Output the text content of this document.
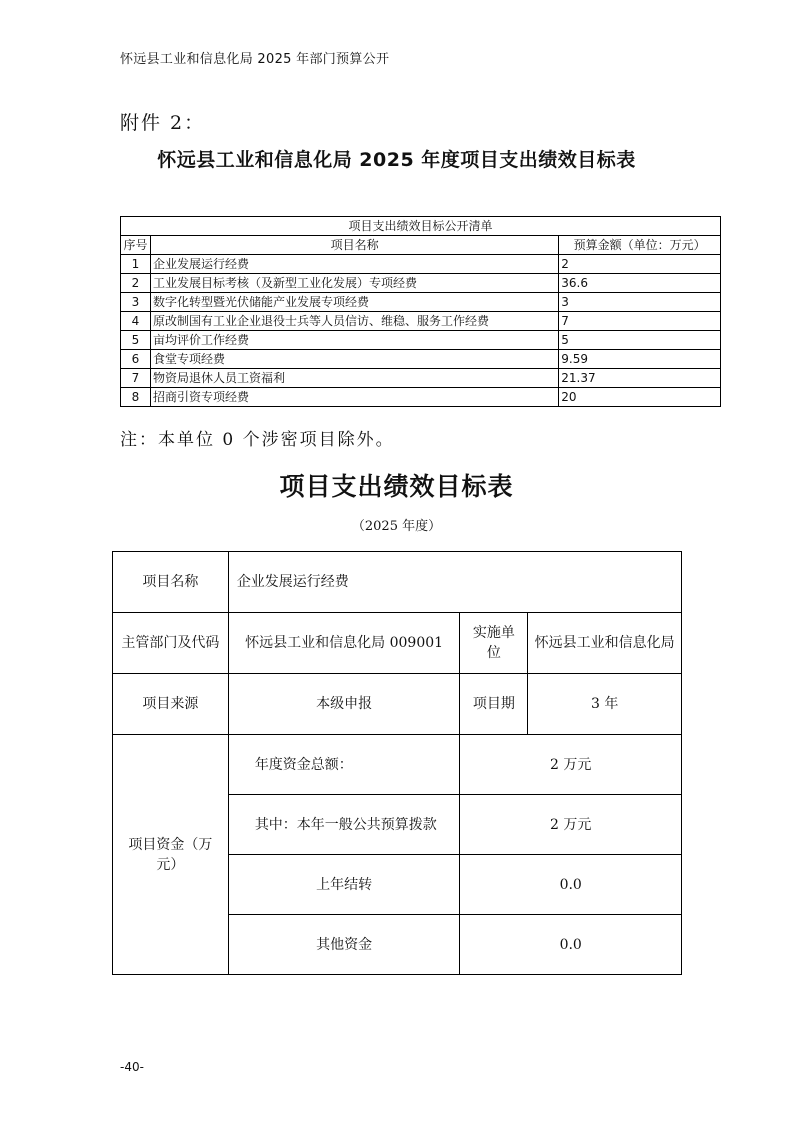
怀远县工业和信息化局 2025 年部门预算公开
附件 2：
怀远县工业和信息化局 2025 年度项目支出绩效目标表
项目支出绩效目标公开清单		
序号	项目名称	预算金额（单位：万元）
1	企业发展运行经费	2
2	工业发展目标考核（及新型工业化发展）专项经费	36.6
3	数字化转型暨光伏储能产业发展专项经费	3
4	原改制国有工业企业退役士兵等人员信访、维稳、服务工作经费	7
5	亩均评价工作经费	5
6	食堂专项经费	9.59
7	物资局退休人员工资福利	21.37
8	招商引资专项经费	20
注：本单位 0 个涉密项目除外。
项目支出绩效目标表
（2025 年度）
项目名称	企业发展运行经费		
主管部门及代码	怀远县工业和信息化局 009001	实施单位	怀远县工业和信息化局
项目来源	本级申报	项目期	3 年
项目资金（万元）	年度资金总额：	2 万元	
	其中：本年一般公共预算拨款	2 万元	
	上年结转	0.0	
	其他资金	0.0	
-40-
